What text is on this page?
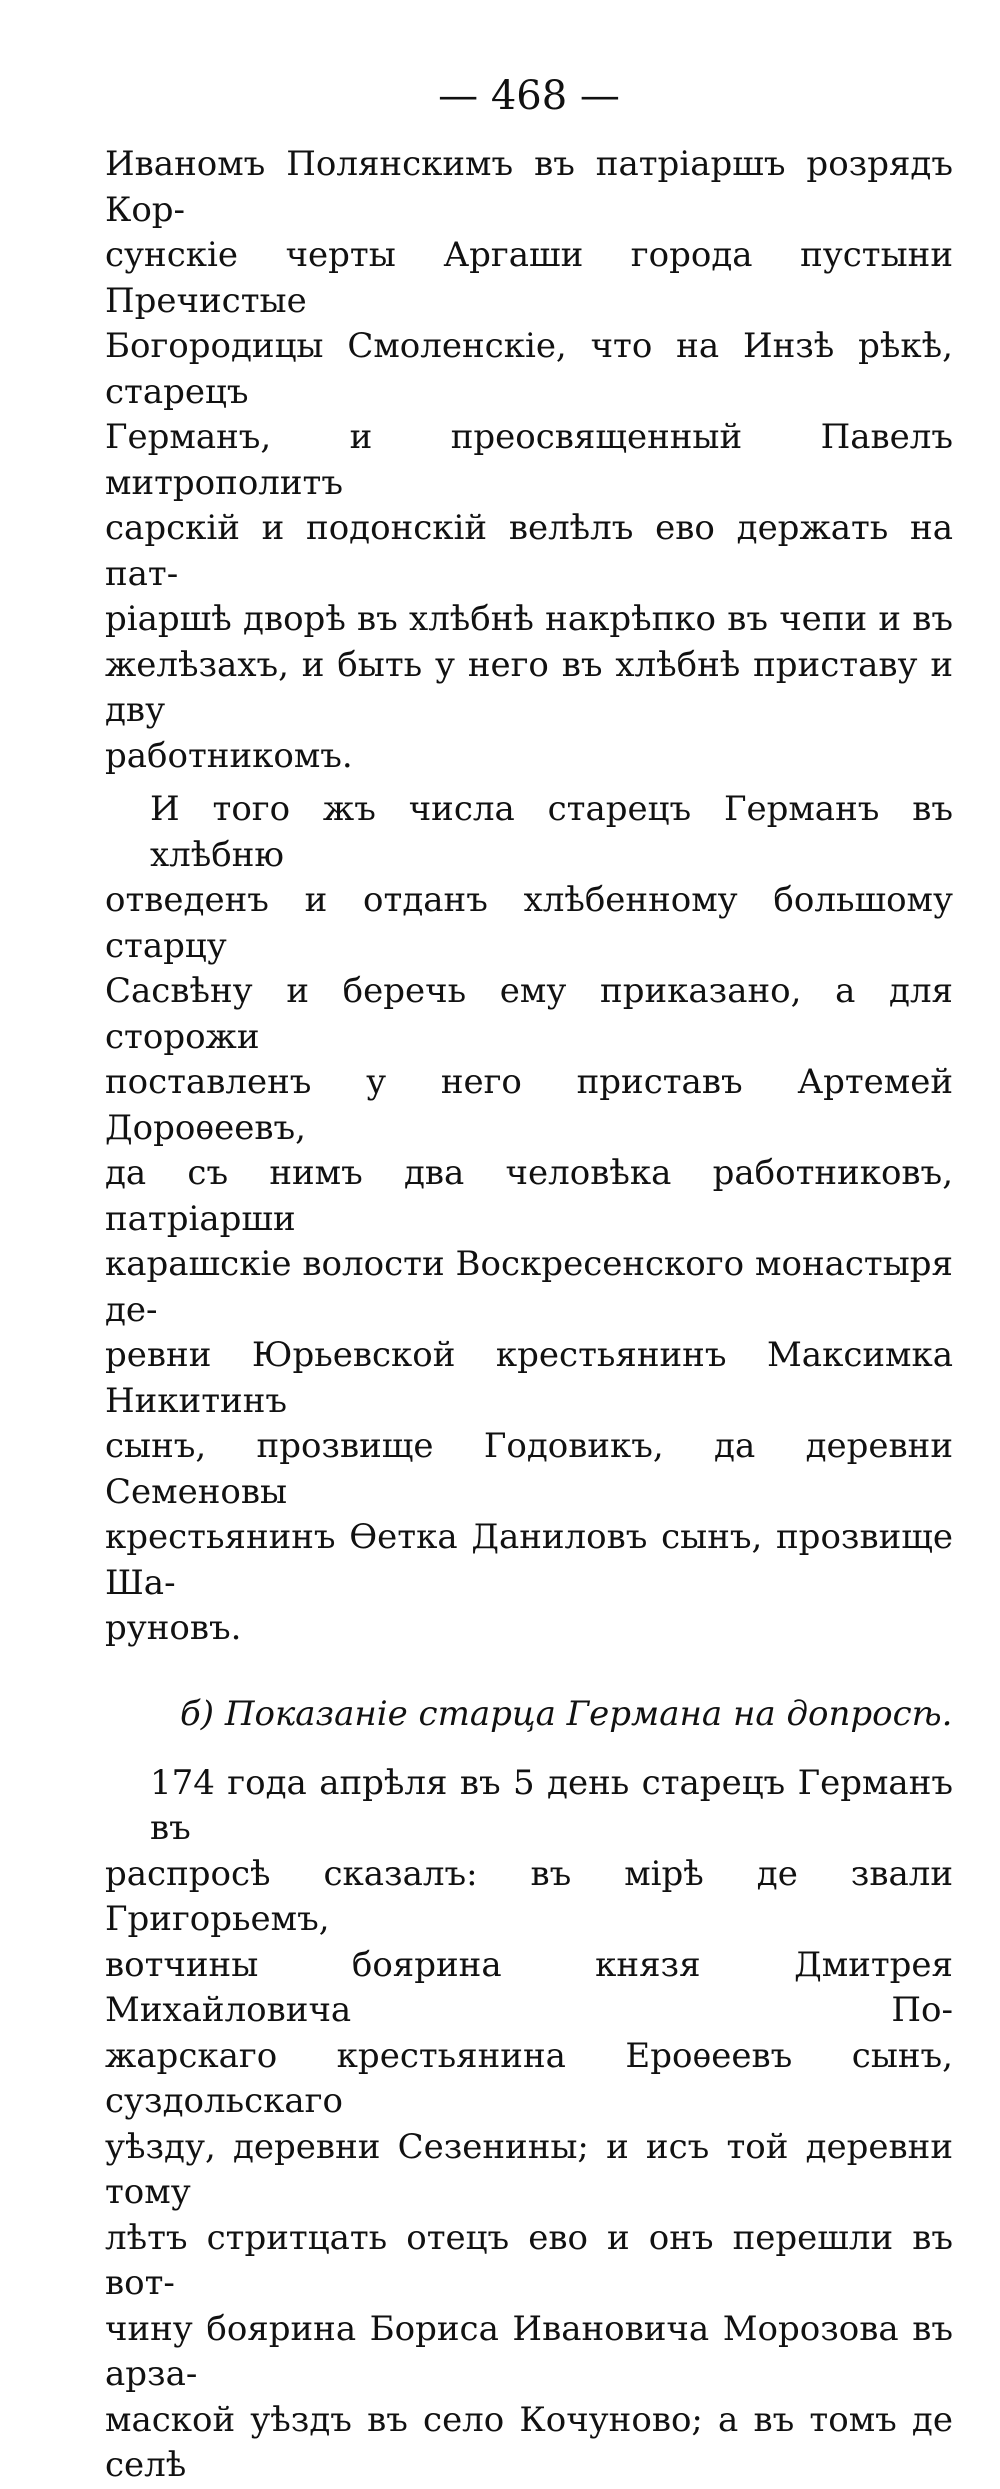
— 468 —
Иваномъ Полянскимъ въ патріаршъ розрядъ Кор-
сунскіе черты Аргаши города пустыни Пречистые
Богородицы Смоленскіе, что на Инзѣ рѣкѣ, старецъ
Германъ, и преосвященный Павелъ митрополитъ
сарскій и подонскій велѣлъ ево держать на пат-
ріаршѣ дворѣ въ хлѣбнѣ накрѣпко въ чепи и въ
желѣзахъ, и быть у него въ хлѣбнѣ приставу и дву
работникомъ.
И того жъ числа старецъ Германъ въ хлѣбню
отведенъ и отданъ хлѣбенному большому старцу
Сасвѣну и беречь ему приказано, а для сторожи
поставленъ у него приставъ Артемей Дороѳеевъ,
да съ нимъ два человѣка работниковъ, патріарши
карашскіе волости Воскресенского монастыря де-
ревни Юрьевской крестьянинъ Максимка Никитинъ
сынъ, прозвище Годовикъ, да деревни Семеновы
крестьянинъ Ѳетка Даниловъ сынъ, прозвище Ша-
руновъ.
б) Показаніе старца Германа на допросѣ.
174 года апрѣля въ 5 день старецъ Германъ въ
распросѣ сказалъ: въ мірѣ де звали Григорьемъ,
вотчины боярина князя Дмитрея Михайловича По-
жарскаго крестьянина Ероѳеевъ сынъ, суздольскаго
уѣзду, деревни Сезенины; и исъ той деревни тому
лѣтъ стритцать отецъ ево и онъ перешли въ вот-
чину боярина Бориса Ивановича Морозова въ арза-
маской уѣздъ въ село Кочуново; а въ томъ де селѣ
